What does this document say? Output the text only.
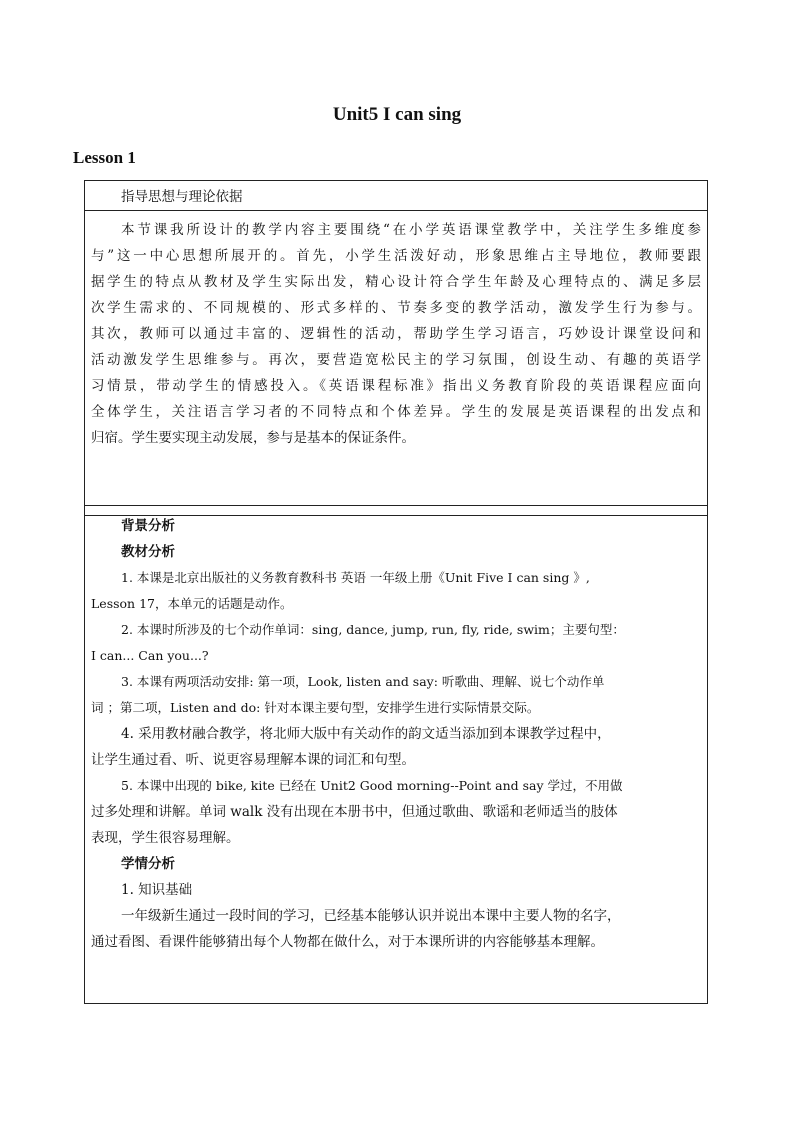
Unit5 I can sing
Lesson 1
指导思想与理论依据
本节课我所设计的教学内容主要围绕“在小学英语课堂教学中，关注学生多维度参
与”这一中心思想所展开的。首先，小学生活泼好动，形象思维占主导地位，教师要跟
据学生的特点从教材及学生实际出发，精心设计符合学生年龄及心理特点的、满足多层
次学生需求的、不同规模的、形式多样的、节奏多变的教学活动，激发学生行为参与。
其次，教师可以通过丰富的、逻辑性的活动，帮助学生学习语言，巧妙设计课堂设问和
活动激发学生思维参与。再次，要营造宽松民主的学习氛围，创设生动、有趣的英语学
习情景，带动学生的情感投入。《英语课程标准》指出义务教育阶段的英语课程应面向
全体学生，关注语言学习者的不同特点和个体差异。学生的发展是英语课程的出发点和
归宿。学生要实现主动发展，参与是基本的保证条件。
背景分析
教材分析
1. 本课是北京出版社的义务教育教科书 英语 一年级上册《Unit Five I can sing 》,
Lesson 17，本单元的话题是动作。
2. 本课时所涉及的七个动作单词：sing, dance, jump, run, fly, ride, swim；主要句型：
I can... Can you...?
3. 本课有两项活动安排: 第一项，Look, listen and say: 听歌曲、理解、说七个动作单
词 ；第二项，Listen and do: 针对本课主要句型，安排学生进行实际情景交际。
4. 采用教材融合教学，将北师大版中有关动作的韵文适当添加到本课教学过程中，
让学生通过看、听、说更容易理解本课的词汇和句型。
5. 本课中出现的 bike, kite 已经在 Unit2 Good morning--Point and say 学过，不用做
过多处理和讲解。单词 walk 没有出现在本册书中，但通过歌曲、歌谣和老师适当的肢体
表现，学生很容易理解。
学情分析
1. 知识基础
一年级新生通过一段时间的学习，已经基本能够认识并说出本课中主要人物的名字，
通过看图、看课件能够猜出每个人物都在做什么，对于本课所讲的内容能够基本理解。
